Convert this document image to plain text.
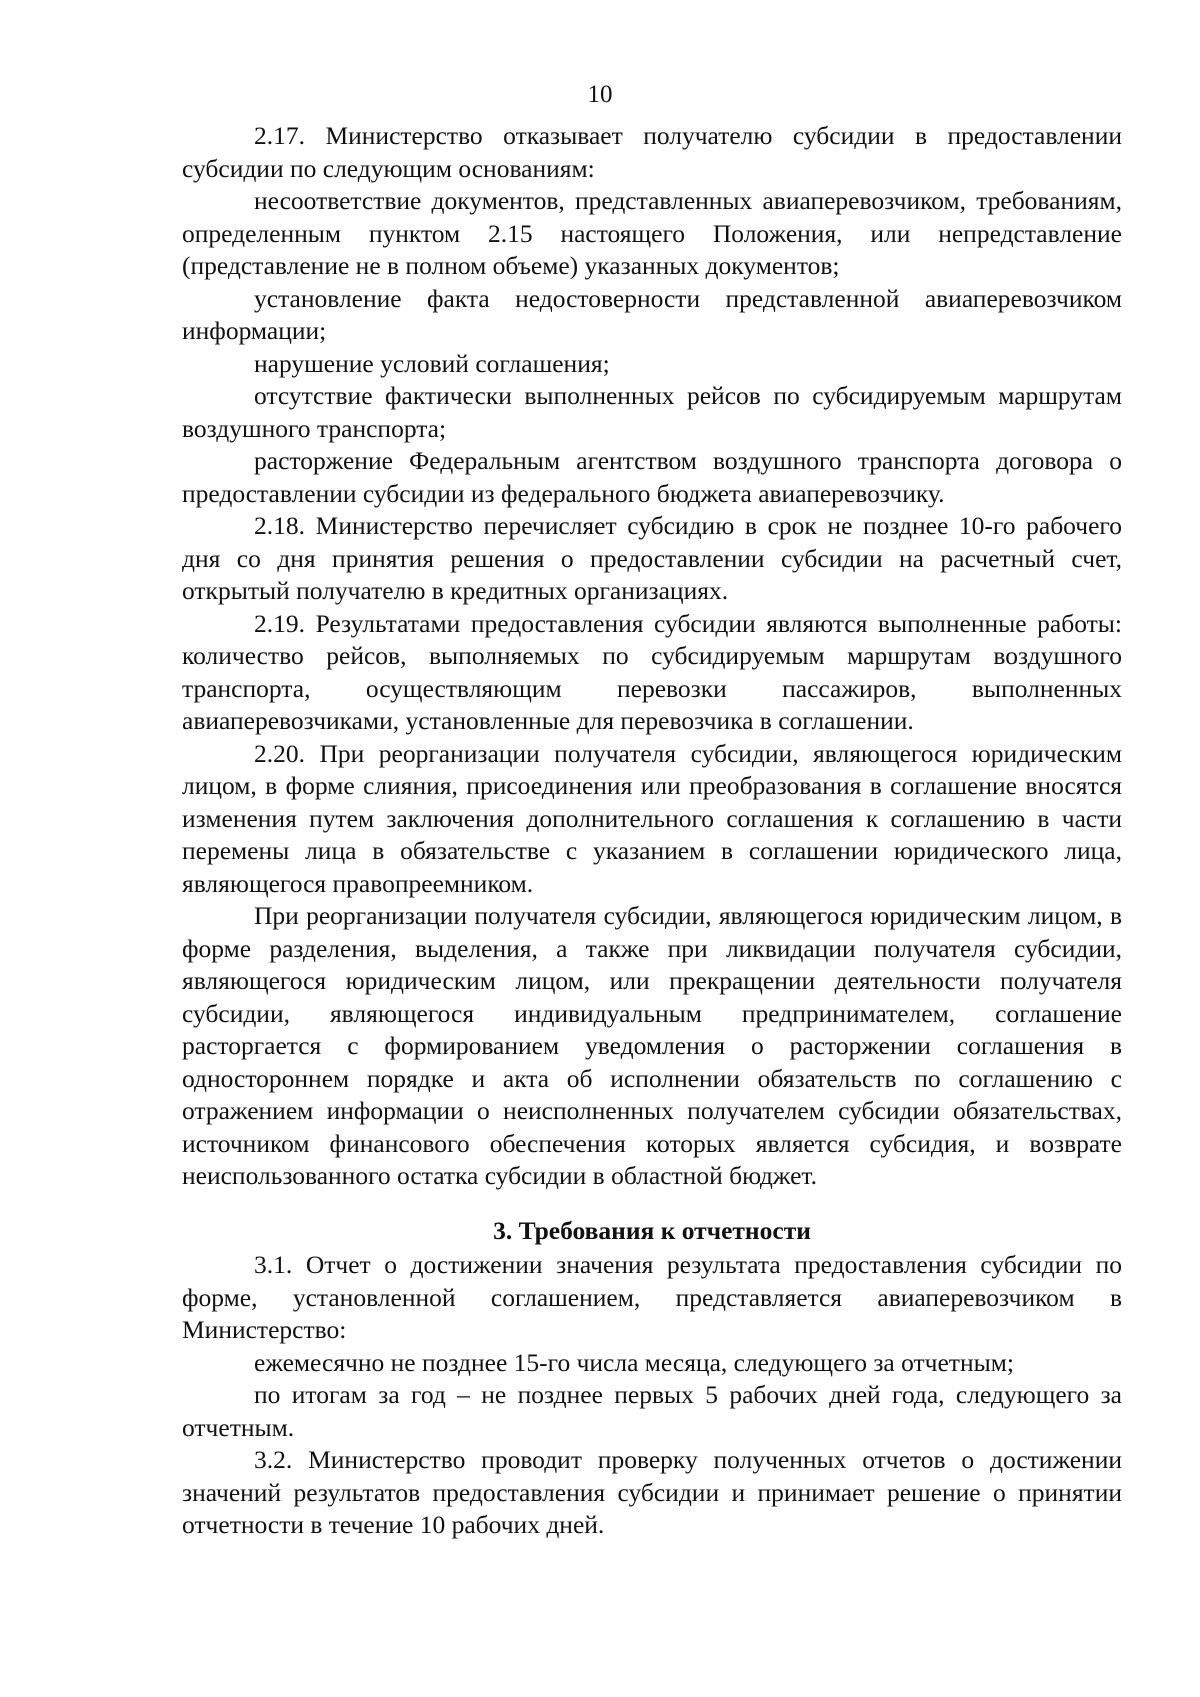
10

2.17. Министерство отказывает получателю субсидии в предоставлении субсидии по следующим основаниям:

несоответствие документов, представленных авиаперевозчиком, требованиям, определенным пунктом 2.15 настоящего Положения, или непредставление (представление не в полном объеме) указанных документов;

установление факта недостоверности представленной авиаперевозчиком информации;

нарушение условий соглашения;

отсутствие фактически выполненных рейсов по субсидируемым маршрутам воздушного транспорта;

расторжение Федеральным агентством воздушного транспорта договора о предоставлении субсидии из федерального бюджета авиаперевозчику.

2.18. Министерство перечисляет субсидию в срок не позднее 10-го рабочего дня со дня принятия решения о предоставлении субсидии на расчетный счет, открытый получателю в кредитных организациях.

2.19. Результатами предоставления субсидии являются выполненные работы: количество рейсов, выполняемых по субсидируемым маршрутам воздушного транспорта, осуществляющим перевозки пассажиров, выполненных авиаперевозчиками, установленные для перевозчика в соглашении.

2.20. При реорганизации получателя субсидии, являющегося юридическим лицом, в форме слияния, присоединения или преобразования в соглашение вносятся изменения путем заключения дополнительного соглашения к соглашению в части перемены лица в обязательстве с указанием в соглашении юридического лица, являющегося правопреемником.

При реорганизации получателя субсидии, являющегося юридическим лицом, в форме разделения, выделения, а также при ликвидации получателя субсидии, являющегося юридическим лицом, или прекращении деятельности получателя субсидии, являющегося индивидуальным предпринимателем, соглашение расторгается с формированием уведомления о расторжении соглашения в одностороннем порядке и акта об исполнении обязательств по соглашению с отражением информации о неисполненных получателем субсидии обязательствах, источником финансового обеспечения которых является субсидия, и возврате неиспользованного остатка субсидии в областной бюджет.

3. Требования к отчетности

3.1. Отчет о достижении значения результата предоставления субсидии по форме, установленной соглашением, представляется авиаперевозчиком в Министерство:

ежемесячно не позднее 15-го числа месяца, следующего за отчетным;

по итогам за год – не позднее первых 5 рабочих дней года, следующего за отчетным.

3.2. Министерство проводит проверку полученных отчетов о достижении значений результатов предоставления субсидии и принимает решение о принятии отчетности в течение 10 рабочих дней.
